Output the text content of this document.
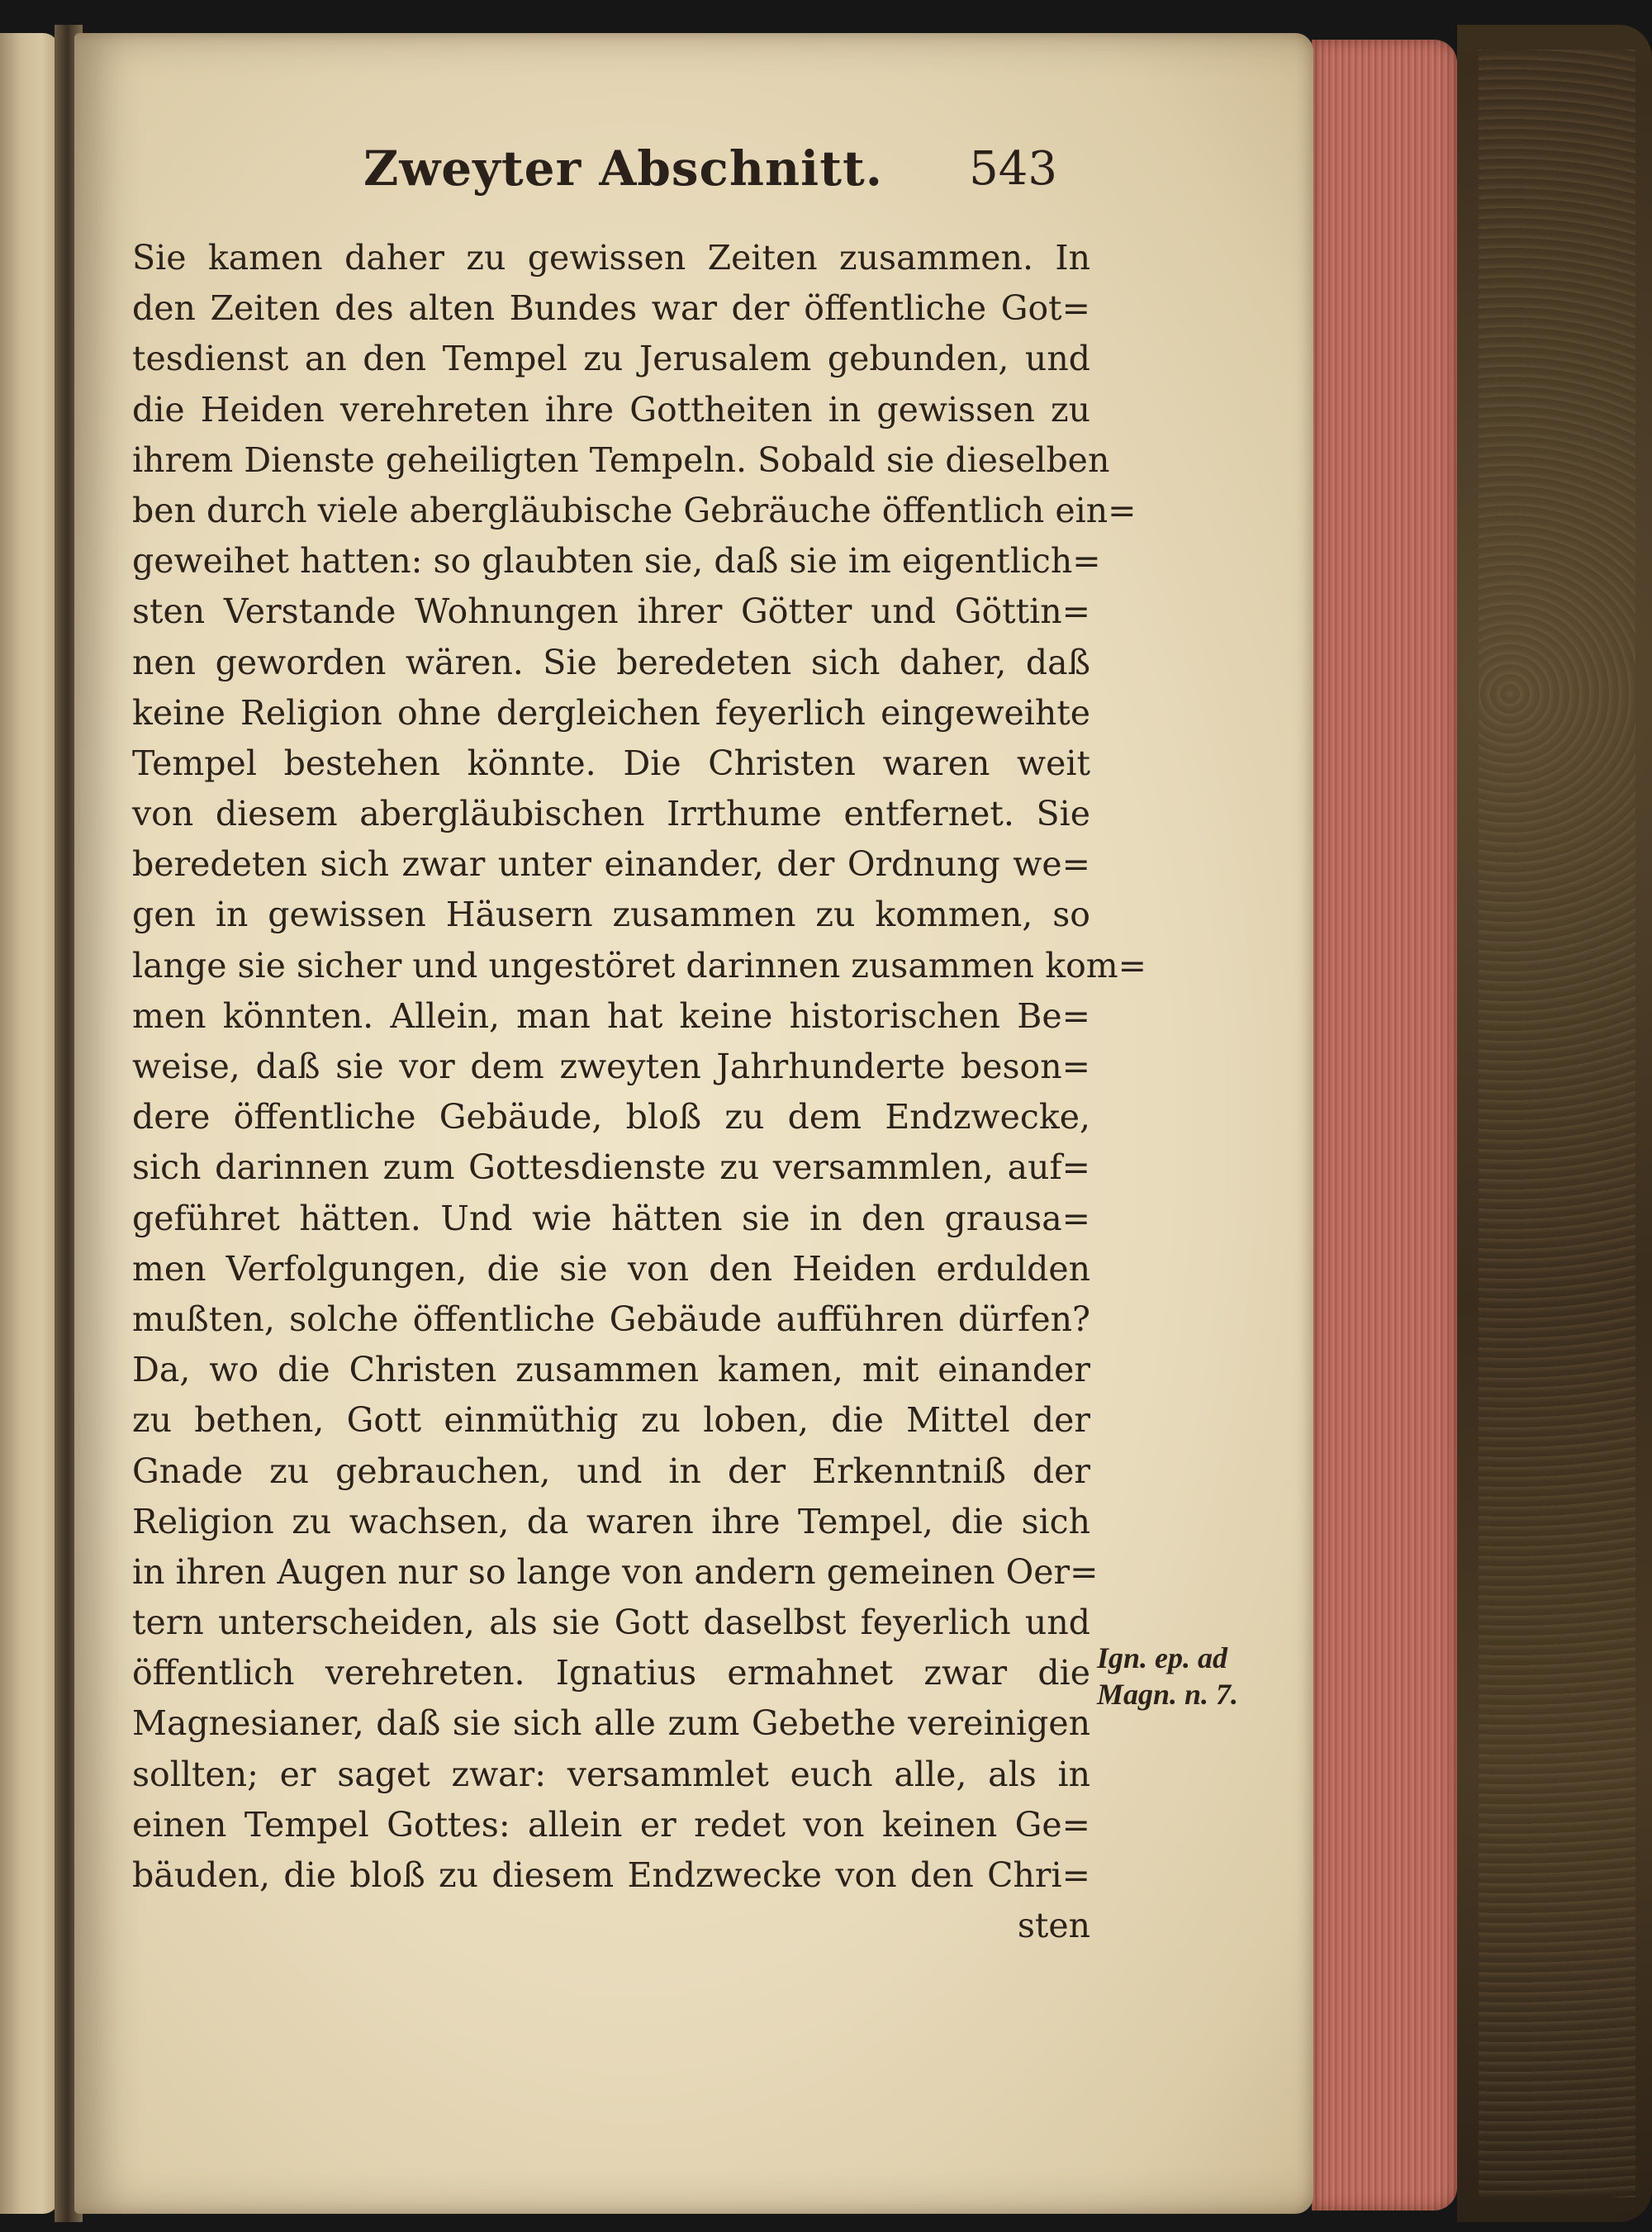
Zweyter Abschnitt. 543
Sie kamen daher zu gewissen Zeiten zusammen. In
den Zeiten des alten Bundes war der öffentliche Got=
tesdienst an den Tempel zu Jerusalem gebunden, und
die Heiden verehreten ihre Gottheiten in gewissen zu
ihrem Dienste geheiligten Tempeln. Sobald sie dieselben
ben durch viele abergläubische Gebräuche öffentlich ein=
geweihet hatten: so glaubten sie, daß sie im eigentlich=
sten Verstande Wohnungen ihrer Götter und Göttin=
nen geworden wären. Sie beredeten sich daher, daß
keine Religion ohne dergleichen feyerlich eingeweihte
Tempel bestehen könnte. Die Christen waren weit
von diesem abergläubischen Irrthume entfernet. Sie
beredeten sich zwar unter einander, der Ordnung we=
gen in gewissen Häusern zusammen zu kommen, so
lange sie sicher und ungestöret darinnen zusammen kom=
men könnten. Allein, man hat keine historischen Be=
weise, daß sie vor dem zweyten Jahrhunderte beson=
dere öffentliche Gebäude, bloß zu dem Endzwecke,
sich darinnen zum Gottesdienste zu versammlen, auf=
geführet hätten. Und wie hätten sie in den grausa=
men Verfolgungen, die sie von den Heiden erdulden
mußten, solche öffentliche Gebäude aufführen dürfen?
Da, wo die Christen zusammen kamen, mit einander
zu bethen, Gott einmüthig zu loben, die Mittel der
Gnade zu gebrauchen, und in der Erkenntniß der
Religion zu wachsen, da waren ihre Tempel, die sich
in ihren Augen nur so lange von andern gemeinen Oer=
tern unterscheiden, als sie Gott daselbst feyerlich und
öffentlich verehreten. Ignatius ermahnet zwar die
Magnesianer, daß sie sich alle zum Gebethe vereinigen
sollten; er saget zwar: versammlet euch alle, als in
einen Tempel Gottes: allein er redet von keinen Ge=
bäuden, die bloß zu diesem Endzwecke von den Chri=
sten
Ign. ep. ad
Magn. n. 7.
